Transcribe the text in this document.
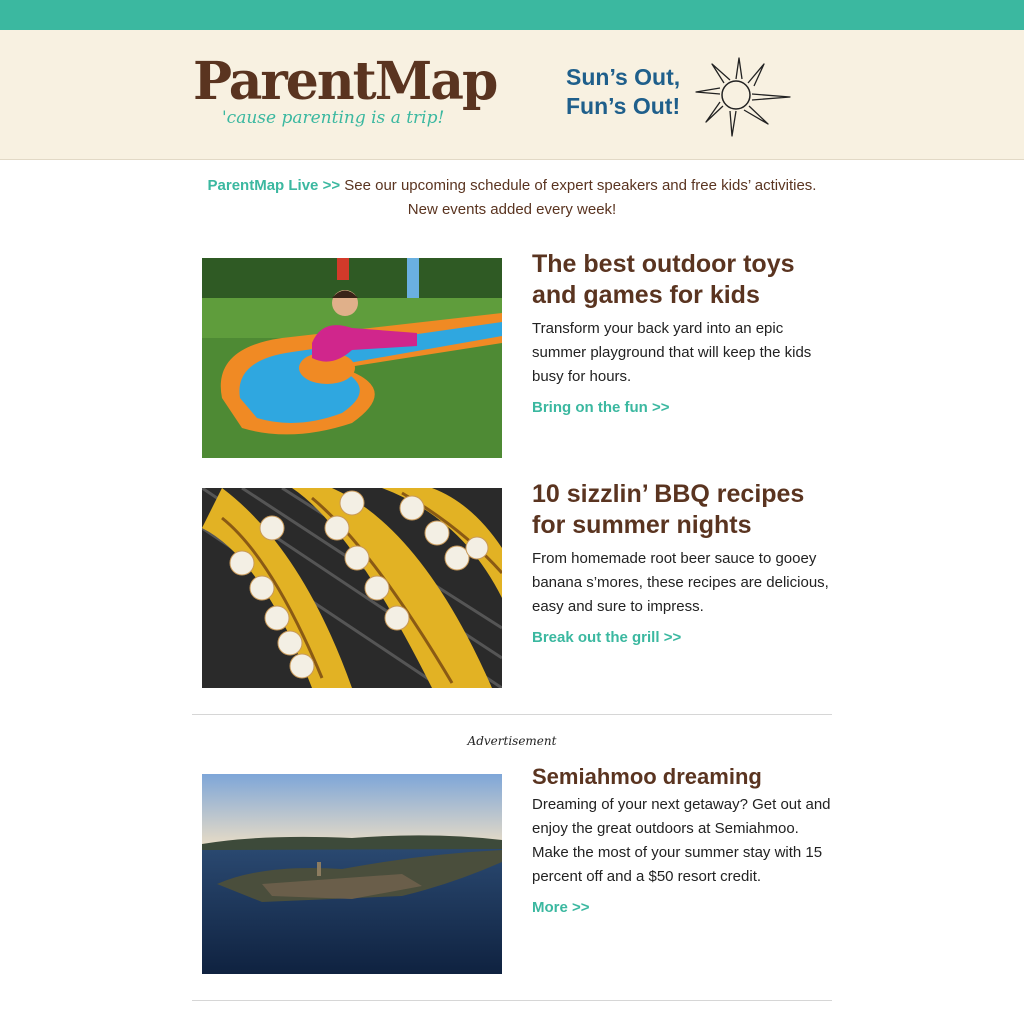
ParentMap
'cause parenting is a trip!
Sun’s Out,
Fun’s Out!
ParentMap Live >> See our upcoming schedule of expert speakers and free kids’ activities. New events added every week!
The best outdoor toys and games for kids

Transform your back yard into an epic summer playground that will keep the kids busy for hours.

Bring on the fun >>
10 sizzlin’ BBQ recipes for summer nights

From homemade root beer sauce to gooey banana s’mores, these recipes are delicious, easy and sure to impress.

Break out the grill >>
Advertisement
Semiahmoo dreaming

Dreaming of your next getaway? Get out and enjoy the great outdoors at Semiahmoo. Make the most of your summer stay with 15 percent off and a $50 resort credit.

More >>
